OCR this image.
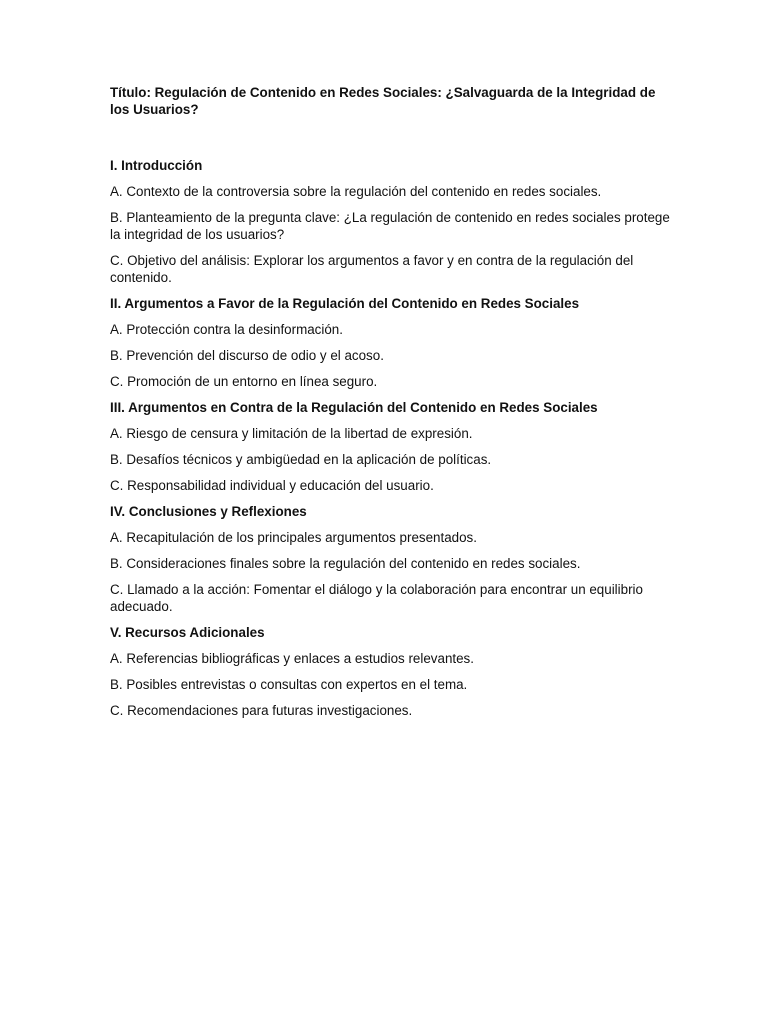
Título: Regulación de Contenido en Redes Sociales: ¿Salvaguarda de la Integridad de los Usuarios?

I. Introducción

A. Contexto de la controversia sobre la regulación del contenido en redes sociales.

B. Planteamiento de la pregunta clave: ¿La regulación de contenido en redes sociales protege la integridad de los usuarios?

C. Objetivo del análisis: Explorar los argumentos a favor y en contra de la regulación del contenido.

II. Argumentos a Favor de la Regulación del Contenido en Redes Sociales

A. Protección contra la desinformación.

B. Prevención del discurso de odio y el acoso.

C. Promoción de un entorno en línea seguro.

III. Argumentos en Contra de la Regulación del Contenido en Redes Sociales

A. Riesgo de censura y limitación de la libertad de expresión.

B. Desafíos técnicos y ambigüedad en la aplicación de políticas.

C. Responsabilidad individual y educación del usuario.

IV. Conclusiones y Reflexiones

A. Recapitulación de los principales argumentos presentados.

B. Consideraciones finales sobre la regulación del contenido en redes sociales.

C. Llamado a la acción: Fomentar el diálogo y la colaboración para encontrar un equilibrio adecuado.

V. Recursos Adicionales

A. Referencias bibliográficas y enlaces a estudios relevantes.

B. Posibles entrevistas o consultas con expertos en el tema.

C. Recomendaciones para futuras investigaciones.
